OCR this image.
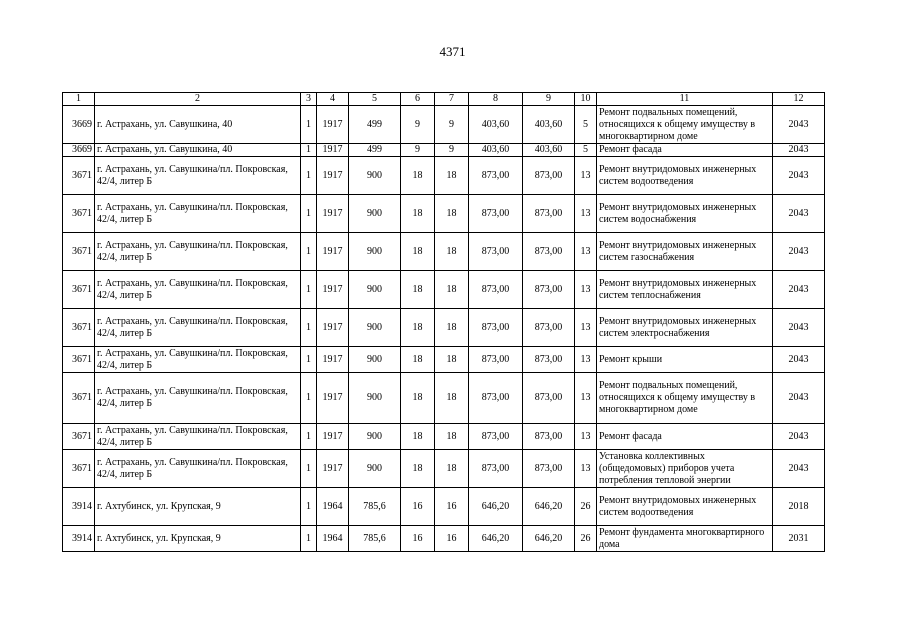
4371
1	2	3	4	5	6	7	8	9	10	11	12
3669	г. Астрахань, ул. Савушкина, 40	1	1917	499	9	9	403,60	403,60	5	Ремонт подвальных помещений, относящихся к общему имуществу в многоквартирном доме	2043
3669	г. Астрахань, ул. Савушкина, 40	1	1917	499	9	9	403,60	403,60	5	Ремонт фасада	2043
3671	г. Астрахань, ул. Савушкина/пл. Покровская, 42/4, литер Б	1	1917	900	18	18	873,00	873,00	13	Ремонт внутридомовых инженерных систем водоотведения	2043
3671	г. Астрахань, ул. Савушкина/пл. Покровская, 42/4, литер Б	1	1917	900	18	18	873,00	873,00	13	Ремонт внутридомовых инженерных систем водоснабжения	2043
3671	г. Астрахань, ул. Савушкина/пл. Покровская, 42/4, литер Б	1	1917	900	18	18	873,00	873,00	13	Ремонт внутридомовых инженерных систем газоснабжения	2043
3671	г. Астрахань, ул. Савушкина/пл. Покровская, 42/4, литер Б	1	1917	900	18	18	873,00	873,00	13	Ремонт внутридомовых инженерных систем теплоснабжения	2043
3671	г. Астрахань, ул. Савушкина/пл. Покровская, 42/4, литер Б	1	1917	900	18	18	873,00	873,00	13	Ремонт внутридомовых инженерных систем электроснабжения	2043
3671	г. Астрахань, ул. Савушкина/пл. Покровская, 42/4, литер Б	1	1917	900	18	18	873,00	873,00	13	Ремонт крыши	2043
3671	г. Астрахань, ул. Савушкина/пл. Покровская, 42/4, литер Б	1	1917	900	18	18	873,00	873,00	13	Ремонт подвальных помещений, относящихся к общему имуществу в многоквартирном доме	2043
3671	г. Астрахань, ул. Савушкина/пл. Покровская, 42/4, литер Б	1	1917	900	18	18	873,00	873,00	13	Ремонт фасада	2043
3671	г. Астрахань, ул. Савушкина/пл. Покровская, 42/4, литер Б	1	1917	900	18	18	873,00	873,00	13	Установка коллективных (общедомовых) приборов учета потребления тепловой энергии	2043
3914	г. Ахтубинск, ул. Крупская, 9	1	1964	785,6	16	16	646,20	646,20	26	Ремонт внутридомовых инженерных систем водоотведения	2018
3914	г. Ахтубинск, ул. Крупская, 9	1	1964	785,6	16	16	646,20	646,20	26	Ремонт фундамента многоквартирного дома	2031
